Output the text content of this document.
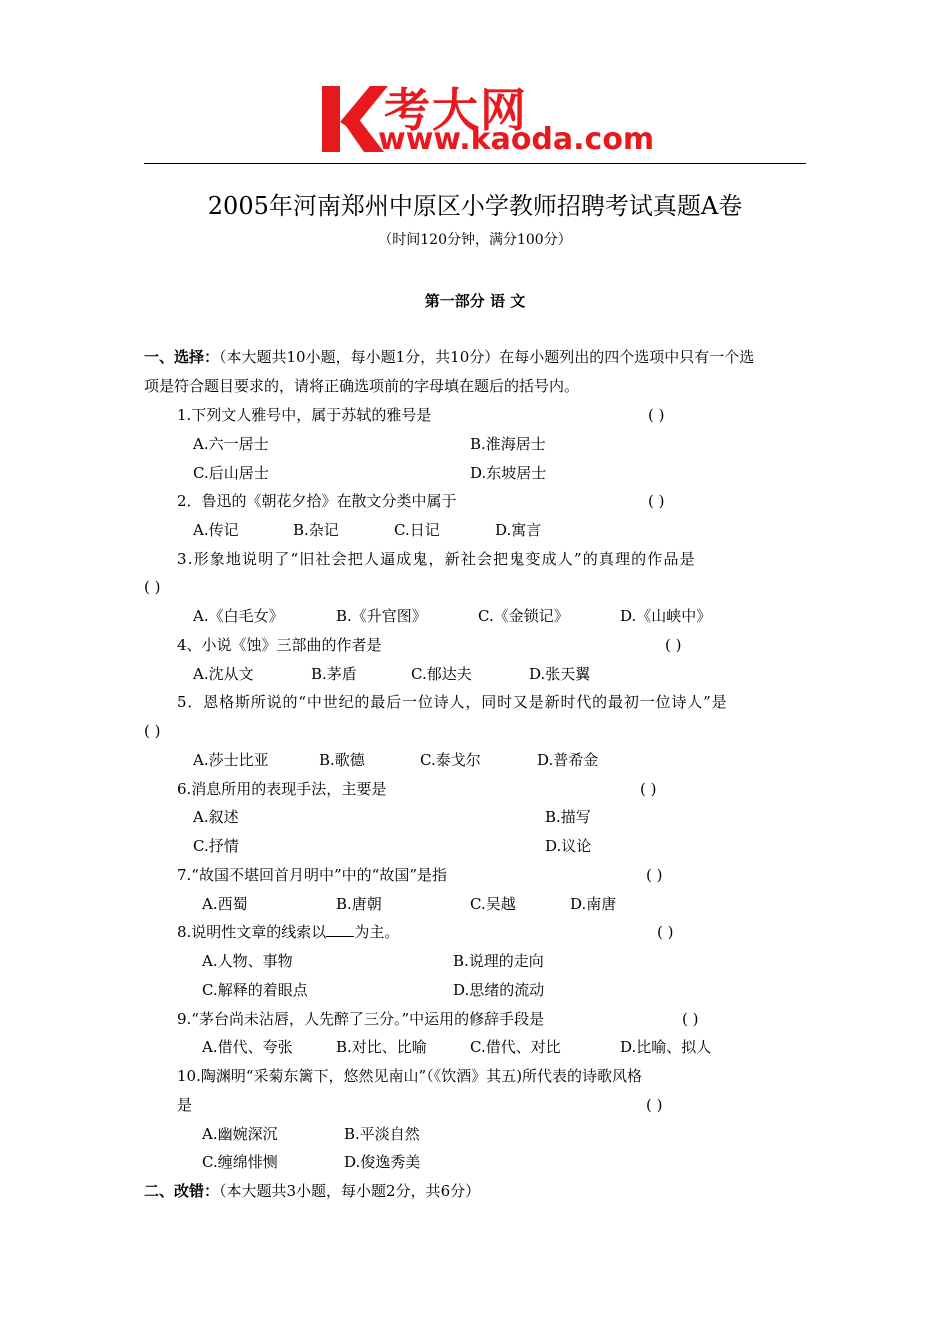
考大网
www.kaoda.com
2005年河南郑州中原区小学教师招聘考试真题A卷
（时间120分钟，满分100分）
第一部分 语 文
一、选择：（本大题共10小题，每小题1分，共10分）在每小题列出的四个选项中只有一个选
项是符合题目要求的，请将正确选项前的字母填在题后的括号内。
1.下列文人雅号中，属于苏轼的雅号是	( )
A.六一居士	B.淮海居士
C.后山居士	D.东坡居士
2．鲁迅的《朝花夕拾》在散文分类中属于	( )
A.传记	B.杂记	C.日记	D.寓言
3.形象地说明了“旧社会把人逼成鬼，新社会把鬼变成人”的真理的作品是
( )
A.《白毛女》	B.《升官图》	C.《金锁记》	D.《山峡中》
4、小说《蚀》三部曲的作者是	( )
A.沈从文	B.茅盾	C.郁达夫	D.张天翼
5．恩格斯所说的“中世纪的最后一位诗人，同时又是新时代的最初一位诗人”是
( )
A.莎士比亚	B.歌德	C.泰戈尔	D.普希金
6.消息所用的表现手法，主要是	( )
A.叙述	B.描写
C.抒情	D.议论
7.“故国不堪回首月明中”中的“故国”是指	( )
A.西蜀	B.唐朝	C.吴越	D.南唐
8.说明性文章的线索以 为主。	( )
A.人物、事物	B.说理的走向
C.解释的着眼点	D.思绪的流动
9.“茅台尚未沾唇，人先醉了三分。”中运用的修辞手段是	( )
A.借代、夸张	B.对比、比喻	C.借代、对比	D.比喻、拟人
10.陶渊明“采菊东篱下，悠然见南山”（《饮酒》其五)所代表的诗歌风格
是	( )
A.幽婉深沉	B.平淡自然
C.缠绵悱恻	D.俊逸秀美
二、改错：（本大题共3小题，每小题2分，共6分）
